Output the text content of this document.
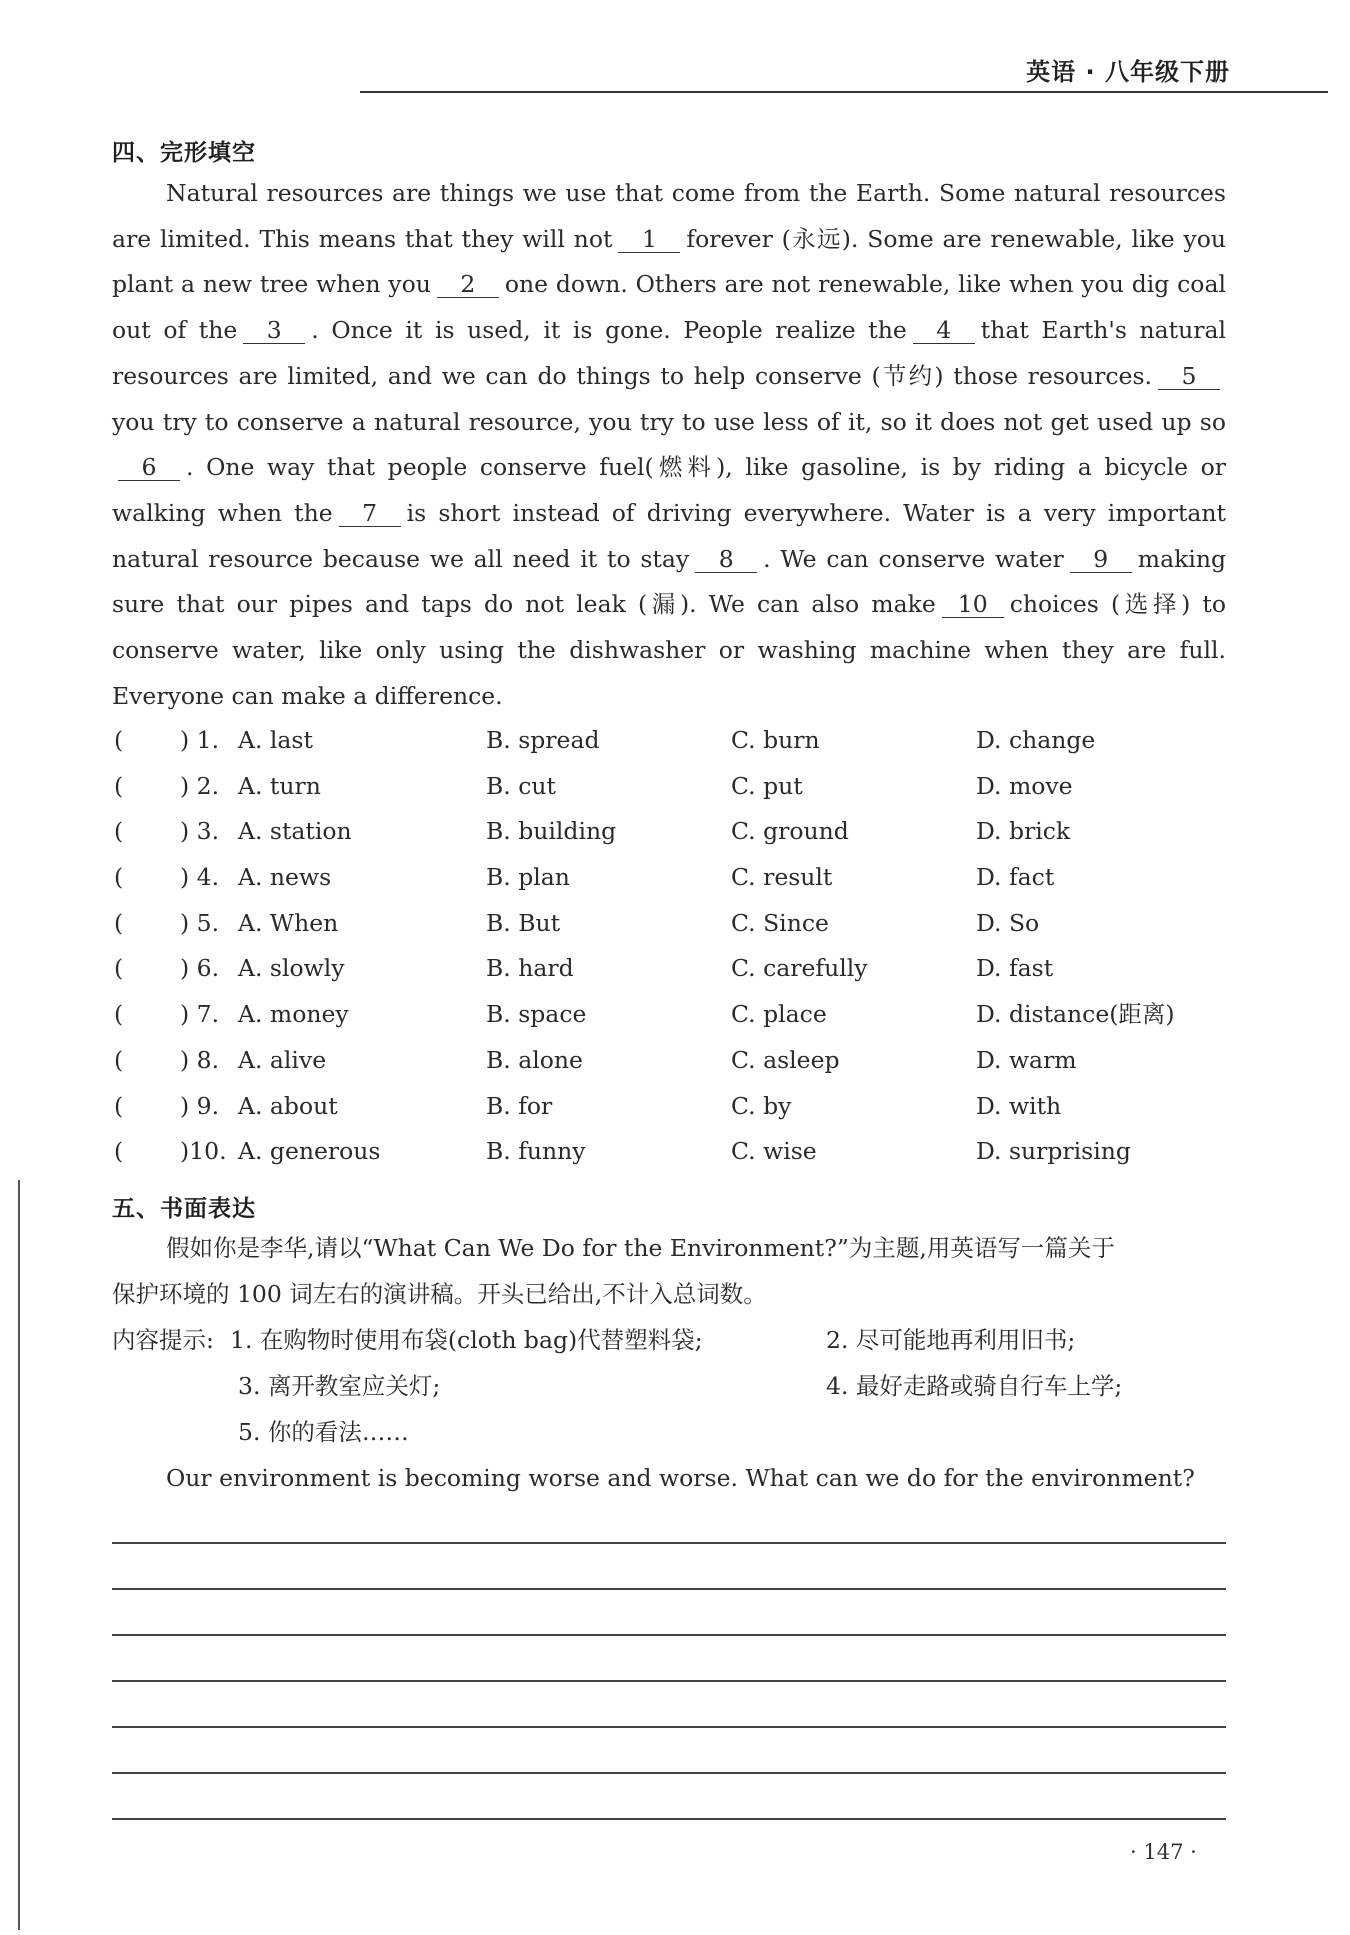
英语 · 八年级下册
四、完形填空

Natural resources are things we use that come from the Earth. Some natural resources are limited. This means that they will not 1 forever (永远). Some are renewable, like you plant a new tree when you 2 one down. Others are not renewable, like when you dig coal out of the 3 . Once it is used, it is gone. People realize the 4 that Earth's natural resources are limited, and we can do things to help conserve (节约) those resources. 5you try to conserve a natural resource, you try to use less of it, so it does not get used up so6 . One way that people conserve fuel(燃料), like gasoline, is by riding a bicycle or walking when the 7 is short instead of driving everywhere. Water is a very important natural resource because we all need it to stay 8 . We can conserve water 9 making sure that our pipes and taps do not leak (漏). We can also make 10 choices (选择) to conserve water, like only using the dishwasher or washing machine when they are full. Everyone can make a difference.

( ) 1. A. last	B. spread	C. burn	D. change
( ) 2. A. turn	B. cut	C. put	D. move
( ) 3. A. station	B. building	C. ground	D. brick
( ) 4. A. news	B. plan	C. result	D. fact
( ) 5. A. When	B. But	C. Since	D. So
( ) 6. A. slowly	B. hard	C. carefully	D. fast
( ) 7. A. money	B. space	C. place	D. distance(距离)
( ) 8. A. alive	B. alone	C. asleep	D. warm
( ) 9. A. about	B. for	C. by	D. with
( )10. A. generous	B. funny	C. wise	D. surprising
五、书面表达
假如你是李华,请以“What Can We Do for the Environment?”为主题,用英语写一篇关于
保护环境的 100 词左右的演讲稿。开头已给出,不计入总词数。
内容提示: 1. 在购物时使用布袋(cloth bag)代替塑料袋;	2. 尽可能地再利用旧书;
3. 离开教室应关灯;	4. 最好走路或骑自行车上学;
5. 你的看法……
Our environment is becoming worse and worse. What can we do for the environment?
· 147 ·
